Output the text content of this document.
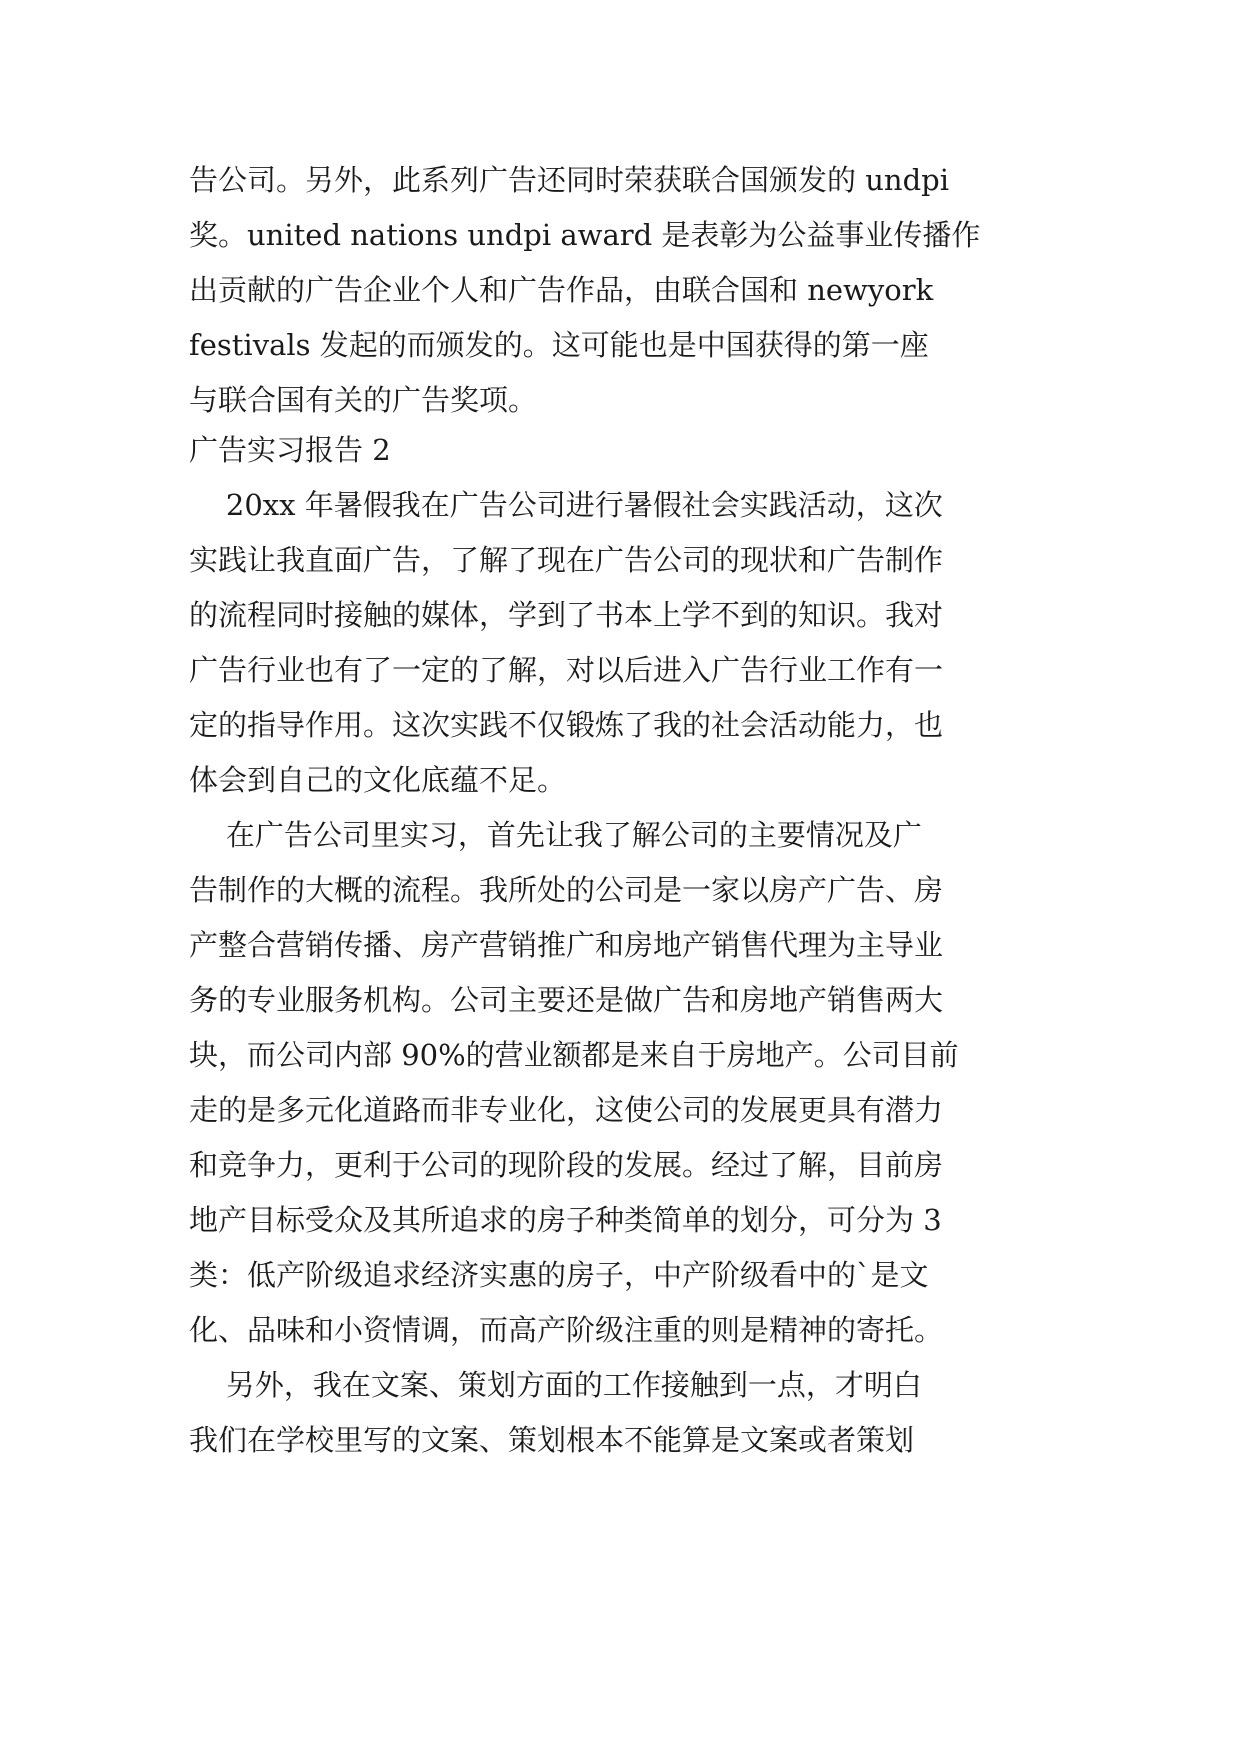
告公司。另外，此系列广告还同时荣获联合国颁发的 undpi
奖。united nations undpi award 是表彰为公益事业传播作
出贡献的广告企业个人和广告作品，由联合国和 newyork
festivals 发起的而颁发的。这可能也是中国获得的第一座
与联合国有关的广告奖项。
广告实习报告 2
20xx 年暑假我在广告公司进行暑假社会实践活动，这次
实践让我直面广告，了解了现在广告公司的现状和广告制作
的流程同时接触的媒体，学到了书本上学不到的知识。我对
广告行业也有了一定的了解，对以后进入广告行业工作有一
定的指导作用。这次实践不仅锻炼了我的社会活动能力，也
体会到自己的文化底蕴不足。
在广告公司里实习，首先让我了解公司的主要情况及广
告制作的大概的流程。我所处的公司是一家以房产广告、房
产整合营销传播、房产营销推广和房地产销售代理为主导业
务的专业服务机构。公司主要还是做广告和房地产销售两大
块，而公司内部 90%的营业额都是来自于房地产。公司目前
走的是多元化道路而非专业化，这使公司的发展更具有潜力
和竞争力，更利于公司的现阶段的发展。经过了解，目前房
地产目标受众及其所追求的房子种类简单的划分，可分为 3
类：低产阶级追求经济实惠的房子，中产阶级看中的`是文
化、品味和小资情调，而高产阶级注重的则是精神的寄托。
另外，我在文案、策划方面的工作接触到一点，才明白
我们在学校里写的文案、策划根本不能算是文案或者策划
